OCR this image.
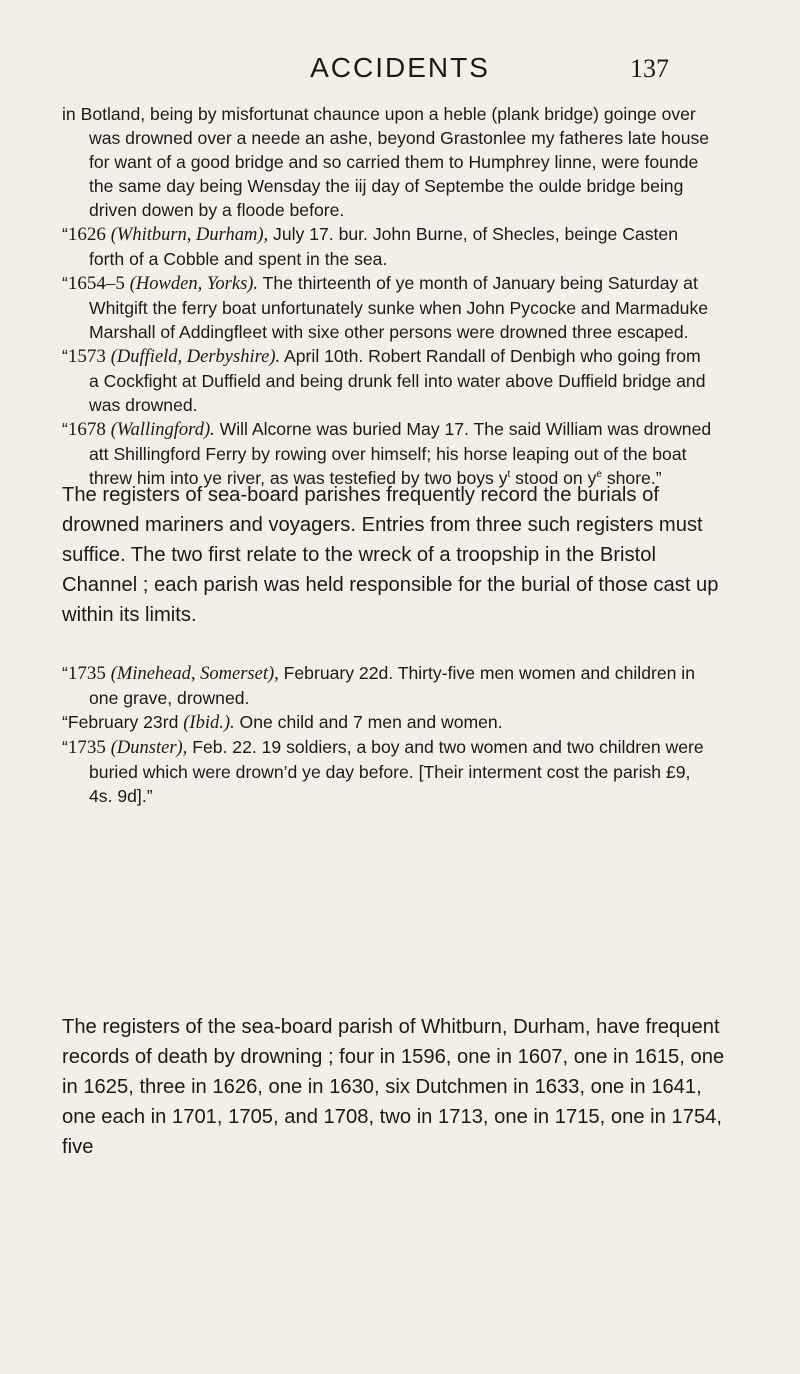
ACCIDENTS	137

in Botland, being by misfortunat chaunce upon a heble (plank bridge) goinge over was drowned over a neede an ashe, beyond Grastonlee my fatheres late house for want of a good bridge and so carried them to Humphrey linne, were founde the same day being Wensday the iij day of Septembe the oulde bridge being driven dowen by a floode before.

“1626 (Whitburn, Durham), July 17. bur. John Burne, of Shecles, beinge Casten forth of a Cobble and spent in the sea.

“1654–5 (Howden, Yorks). The thirteenth of ye month of January being Saturday at Whitgift the ferry boat unfortunately sunke when John Pycocke and Marmaduke Marshall of Addingfleet with sixe other persons were drowned three escaped.

“1573 (Duffield, Derbyshire). April 10th. Robert Randall of Denbigh who going from a Cockfight at Duffield and being drunk fell into water above Duffield bridge and was drowned.

“1678 (Wallingford). Will Alcorne was buried May 17. The said William was drowned att Shillingford Ferry by rowing over himself; his horse leaping out of the boat threw him into ye river, as was testefied by two boys $y^t$ stood on $y^e$ shore.”

The registers of sea-board parishes frequently record the burials of drowned mariners and voyagers. Entries from three such registers must suffice. The two first relate to the wreck of a troopship in the Bristol Channel ; each parish was held responsible for the burial of those cast up within its limits.

“1735 (Minehead, Somerset), February 22d. Thirty-five men women and children in one grave, drowned.

“February 23rd (Ibid.). One child and 7 men and women.

“1735 (Dunster), Feb. 22. 19 soldiers, a boy and two women and two children were buried which were drown’d ye day before. [Their interment cost the parish £9, 4s. 9d].”

The registers of the sea-board parish of Whitburn, Durham, have frequent records of death by drowning ; four in 1596, one in 1607, one in 1615, one in 1625, three in 1626, one in 1630, six Dutchmen in 1633, one in 1641, one each in 1701, 1705, and 1708, two in 1713, one in 1715, one in 1754, five
